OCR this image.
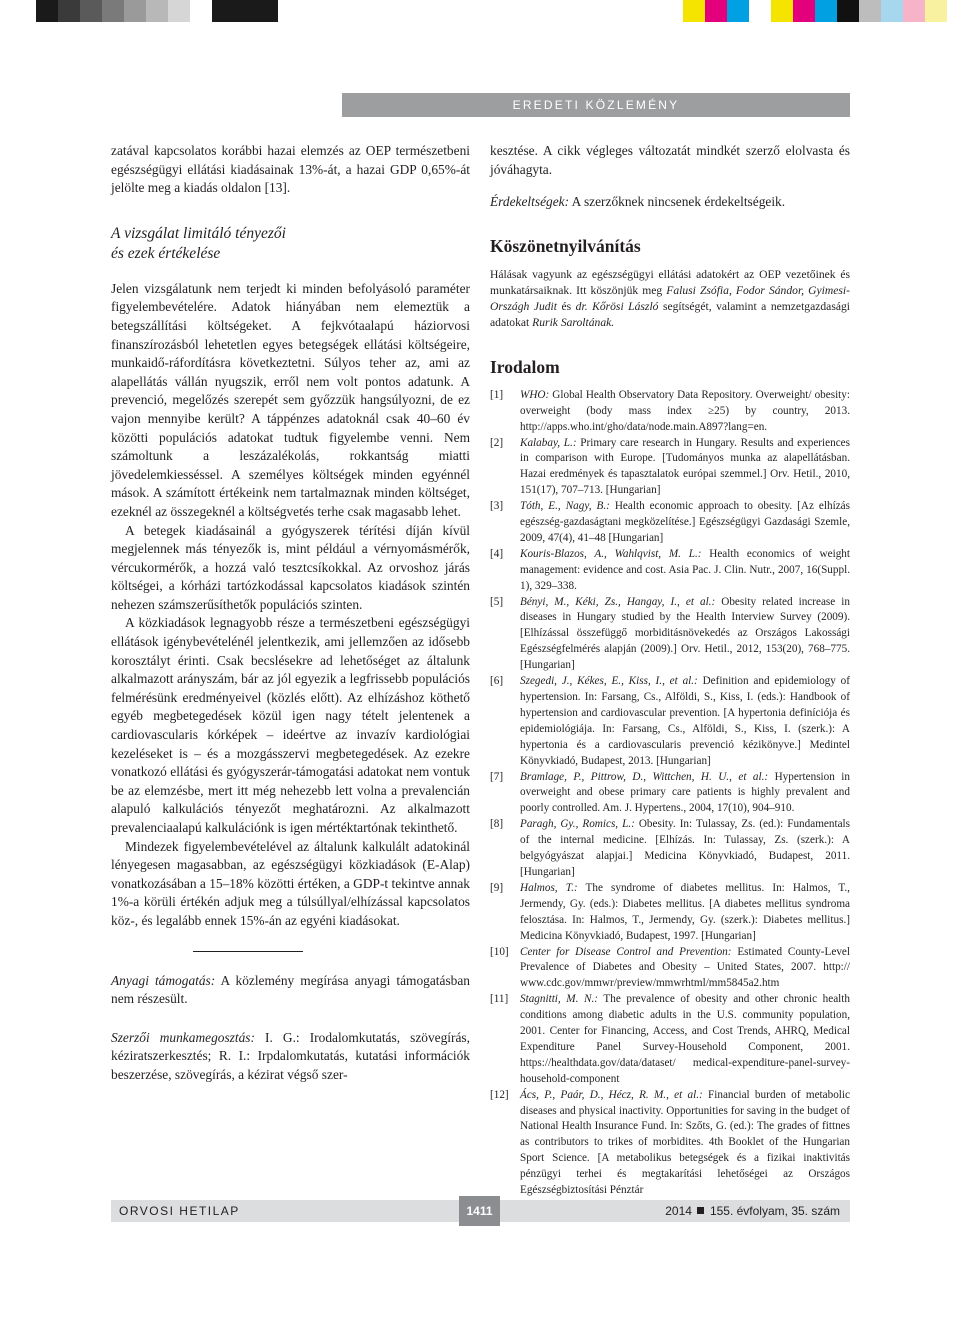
EREDETI KÖZLEMÉNY

zatával kapcsolatos korábbi hazai elemzés az OEP természetbeni egészségügyi ellátási kiadásainak 13%-át, a hazai GDP 0,65%-át jelölte meg a kiadás oldalon [13].

A vizsgálat limitáló tényezői
és ezek értékelése

Jelen vizsgálatunk nem terjedt ki minden befolyásoló paraméter figyelembevételére. Adatok hiányában nem elemeztük a betegszállítási költségeket. A fejkvótaalapú háziorvosi finanszírozásból lehetetlen egyes betegségek ellátási költségeire, munkaidő-ráfordításra következtetni. Súlyos teher az, ami az alapellátás vállán nyugszik, erről nem volt pontos adatunk. A prevenció, megelőzés szerepét sem győzzük hangsúlyozni, de ez vajon mennyibe került? A táppénzes adatoknál csak 40–60 év közötti populációs adatokat tudtuk figyelembe venni. Nem számoltunk a leszázalékolás, rokkantság miatti jövedelemkiesséssel. A személyes költségek minden egyénnél mások. A számított értékeink nem tartalmaznak minden költséget, ezeknél az összegeknél a költségvetés terhe csak magasabb lehet.

A betegek kiadásainál a gyógyszerek térítési díján kívül megjelennek más tényezők is, mint például a vérnyomásmérők, vércukormérők, a hozzá való tesztcsíkokkal. Az orvoshoz járás költségei, a kórházi tartózkodással kapcsolatos kiadások szintén nehezen számszerűsíthetők populációs szinten.

A közkiadások legnagyobb része a természetbeni egészségügyi ellátások igénybevételénél jelentkezik, ami jellemzően az idősebb korosztályt érinti. Csak becslésekre ad lehetőséget az általunk alkalmazott arányszám, bár az jól egyezik a legfrissebb populációs felmérésünk eredményeivel (közlés előtt). Az elhízáshoz köthető egyéb megbetegedések közül igen nagy tételt jelentenek a cardiovascularis kórképek – ideértve az invazív kardiológiai kezeléseket is – és a mozgásszervi megbetegedések. Az ezekre vonatkozó ellátási és gyógyszerár-támogatási adatokat nem vontuk be az elemzésbe, mert itt még nehezebb lett volna a prevalencián alapuló kalkulációs tényezőt meghatározni. Az alkalmazott prevalenciaalapú kalkulációnk is igen mértéktartónak tekinthető.

Mindezek figyelembevételével az általunk kalkulált adatokinál lényegesen magasabban, az egészségügyi közkiadások (E-Alap) vonatkozásában a 15–18% közötti értéken, a GDP-t tekintve annak 1%-a körüli értékén adjuk meg a túlsúllyal/elhízással kapcsolatos köz-, és legalább ennek 15%-án az egyéni kiadásokat.

Anyagi támogatás: A közlemény megírása anyagi támogatásban nem részesült.

Szerzői munkamegosztás: I. G.: Irodalomkutatás, szövegírás, kéziratszerkesztés; R. I.: Irpdalomkutatás, kutatási információk beszerzése, szövegírás, a kézirat végső szer-

kesztése. A cikk végleges változatát mindkét szerző elolvasta és jóváhagyta.

Érdekeltségek: A szerzőknek nincsenek érdekeltségeik.

Köszönetnyilvánítás

Hálásak vagyunk az egészségügyi ellátási adatokért az OEP vezetőinek és munkatársaiknak. Itt köszönjük meg Falusi Zsófia, Fodor Sándor, Gyimesi-Országh Judit és dr. Kőrösi László segítségét, valamint a nemzetgazdasági adatokat Rurik Saroltának.

Irodalom
[1]	WHO: Global Health Observatory Data Repository. Overweight/ obesity: overweight (body mass index ≥25) by country, 2013. http://apps.who.int/gho/data/node.main.A897?lang=en.
[2]	Kalabay, L.: Primary care research in Hungary. Results and experiences in comparison with Europe. [Tudományos munka az alapellátásban. Hazai eredmények és tapasztalatok európai szemmel.] Orv. Hetil., 2010, 151(17), 707–713. [Hungarian]
[3]	Tóth, E., Nagy, B.: Health economic approach to obesity. [Az elhízás egészség-gazdaságtani megközelítése.] Egészségügyi Gazdasági Szemle, 2009, 47(4), 41–48 [Hungarian]
[4]	Kouris-Blazos, A., Wahlqvist, M. L.: Health economics of weight management: evidence and cost. Asia Pac. J. Clin. Nutr., 2007, 16(Suppl. 1), 329–338.
[5]	Bényi, M., Kéki, Zs., Hangay, I., et al.: Obesity related increase in diseases in Hungary studied by the Health Interview Survey (2009). [Elhízással összefüggő morbiditásnövekedés az Országos Lakossági Egészségfelmérés alapján (2009).] Orv. Hetil., 2012, 153(20), 768–775. [Hungarian]
[6]	Szegedi, J., Kékes, E., Kiss, I., et al.: Definition and epidemiology of hypertension. In: Farsang, Cs., Alföldi, S., Kiss, I. (eds.): Handbook of hypertension and cardiovascular prevention. [A hypertonia definíciója és epidemiológiája. In: Farsang, Cs., Alföldi, S., Kiss, I. (szerk.): A hypertonia és a cardiovascularis prevenció kézikönyve.] Medintel Könyvkiadó, Budapest, 2013. [Hungarian]
[7]	Bramlage, P., Pittrow, D., Wittchen, H. U., et al.: Hypertension in overweight and obese primary care patients is highly prevalent and poorly controlled. Am. J. Hypertens., 2004, 17(10), 904–910.
[8]	Paragh, Gy., Romics, L.: Obesity. In: Tulassay, Zs. (ed.): Fundamentals of the internal medicine. [Elhízás. In: Tulassay, Zs. (szerk.): A belgyógyászat alapjai.] Medicina Könyvkiadó, Budapest, 2011. [Hungarian]
[9]	Halmos, T.: The syndrome of diabetes mellitus. In: Halmos, T., Jermendy, Gy. (eds.): Diabetes mellitus. [A diabetes mellitus syndroma felosztása. In: Halmos, T., Jermendy, Gy. (szerk.): Diabetes mellitus.] Medicina Könyvkiadó, Budapest, 1997. [Hungarian]
[10]	Center for Disease Control and Prevention: Estimated County-Level Prevalence of Diabetes and Obesity – United States, 2007. http:// www.cdc.gov/mmwr/preview/mmwrhtml/mm5845a2.htm
[11]	Stagnitti, M. N.: The prevalence of obesity and other chronic health conditions among diabetic adults in the U.S. community population, 2001. Center for Financing, Access, and Cost Trends, AHRQ, Medical Expenditure Panel Survey-Household Component, 2001. https://healthdata.gov/data/dataset/ medical-expenditure-panel-survey-household-component
[12]	Ács, P., Paár, D., Hécz, R. M., et al.: Financial burden of metabolic diseases and physical inactivity. Opportunities for saving in the budget of National Health Insurance Fund. In: Szőts, G. (ed.): The grades of fittnes as contributors to trikes of morbidites. 4th Booklet of the Hungarian Sport Science. [A metabolikus betegségek és a fizikai inaktivitás pénzügyi terhei és megtakarítási lehetőségei az Országos Egészségbiztosítási Pénztár
ORVOSI HETILAP	1411	2014 155. évfolyam, 35. szám
